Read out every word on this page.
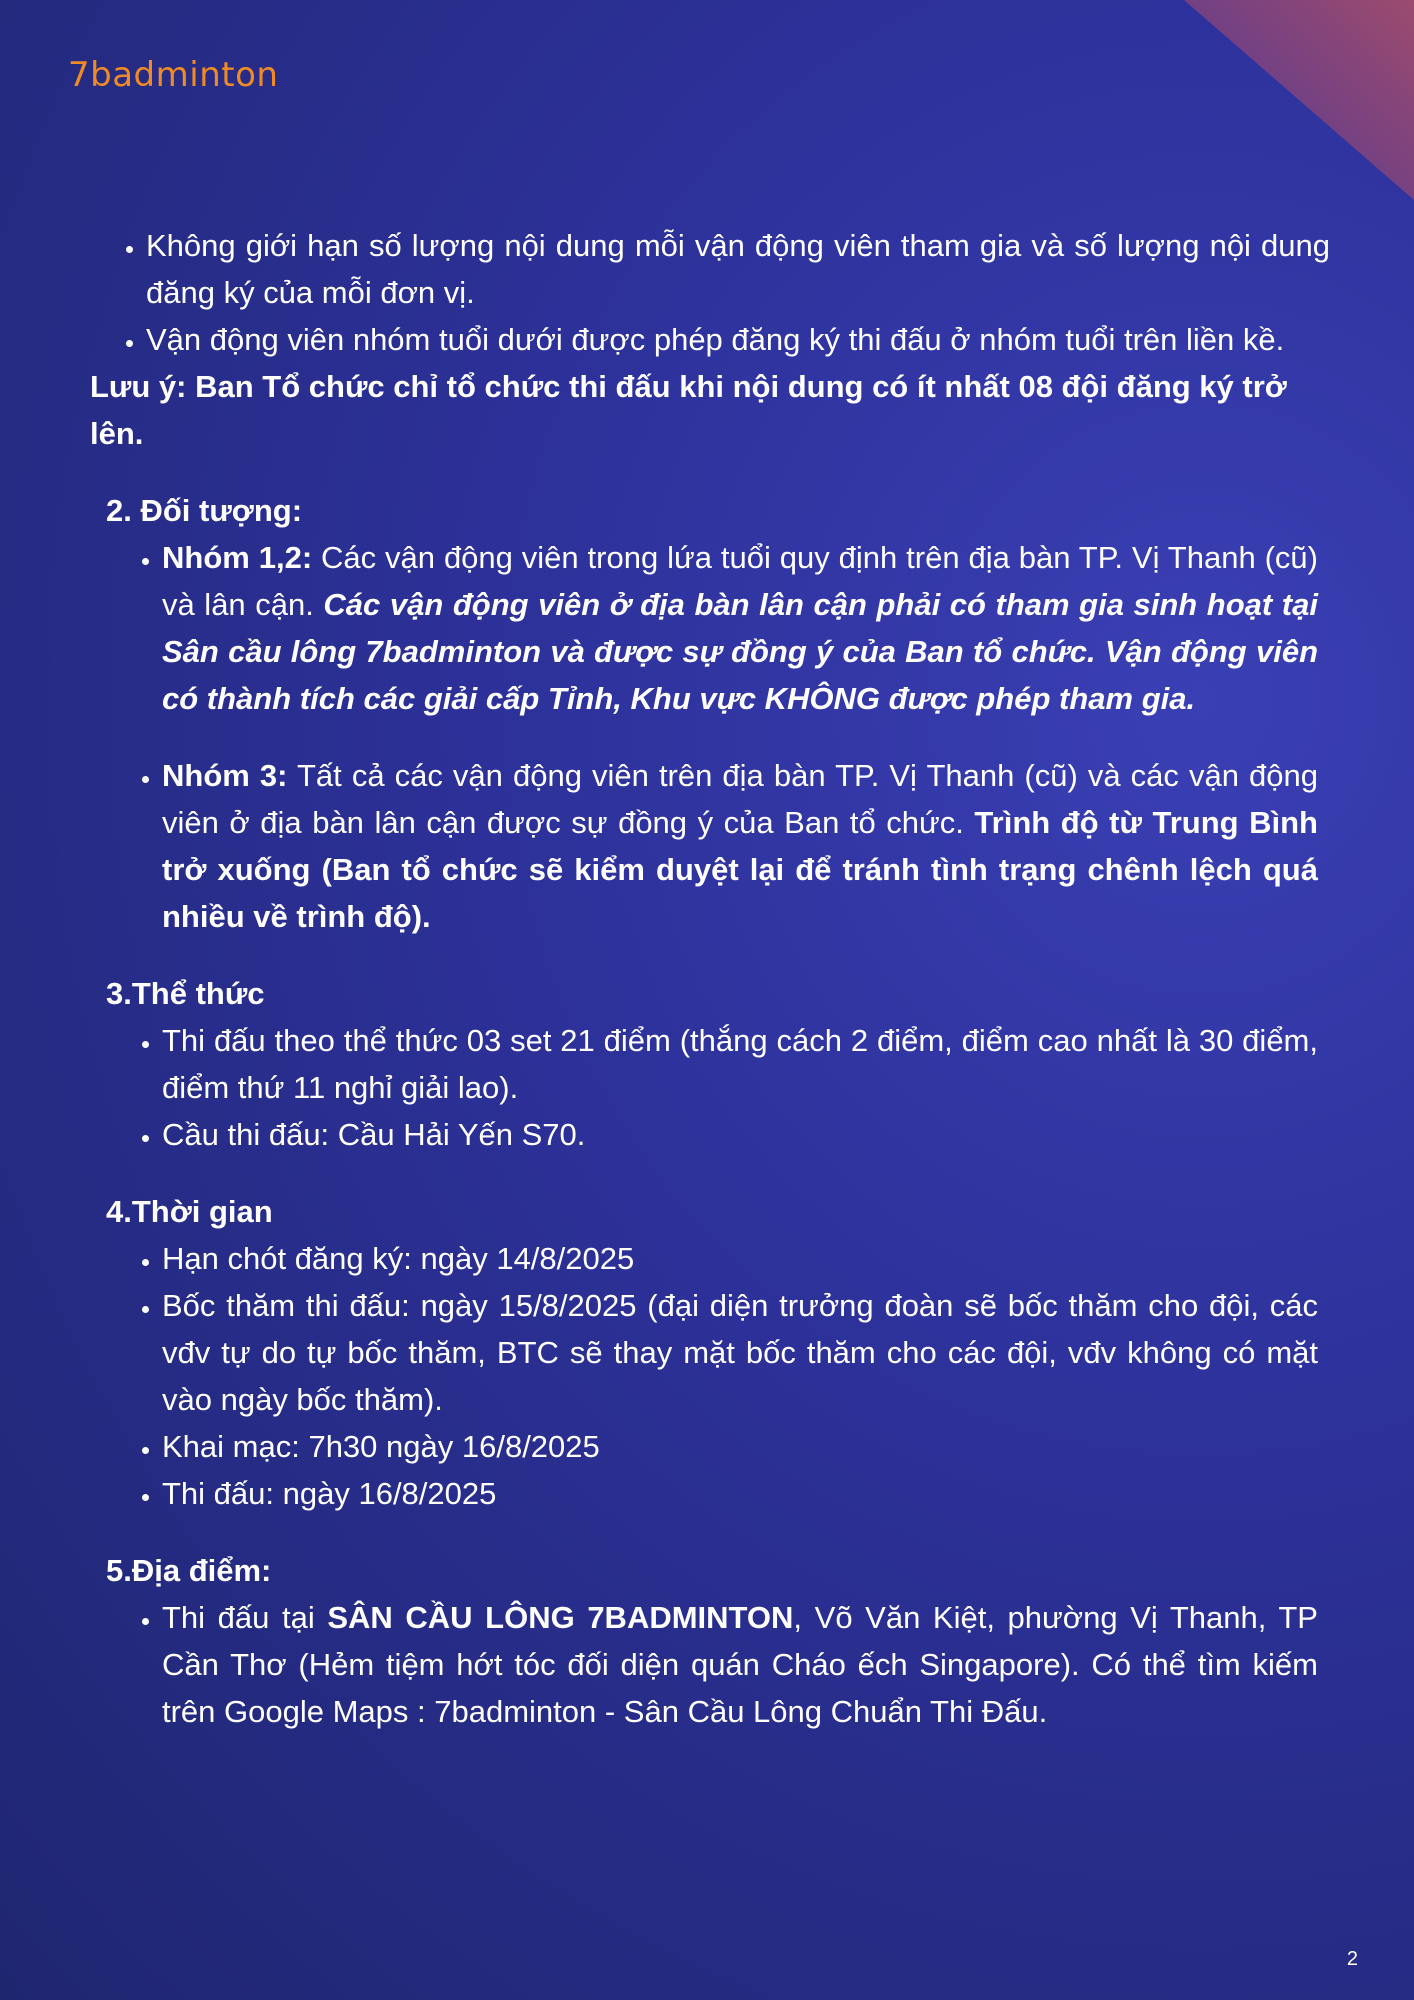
7badminton
• Không giới hạn số lượng nội dung mỗi vận động viên tham gia và số lượng nội dung đăng ký của mỗi đơn vị.
• Vận động viên nhóm tuổi dưới được phép đăng ký thi đấu ở nhóm tuổi trên liền kề.

Lưu ý: Ban Tổ chức chỉ tổ chức thi đấu khi nội dung có ít nhất 08 đội đăng ký trở lên.

2. Đối tượng:
• Nhóm 1,2: Các vận động viên trong lứa tuổi quy định trên địa bàn TP. Vị Thanh (cũ) và lân cận. Các vận động viên ở địa bàn lân cận phải có tham gia sinh hoạt tại Sân cầu lông 7badminton và được sự đồng ý của Ban tổ chức. Vận động viên có thành tích các giải cấp Tỉnh, Khu vực KHÔNG được phép tham gia.
• Nhóm 3: Tất cả các vận động viên trên địa bàn TP. Vị Thanh (cũ) và các vận động viên ở địa bàn lân cận được sự đồng ý của Ban tổ chức. Trình độ từ Trung Bình trở xuống (Ban tổ chức sẽ kiểm duyệt lại để tránh tình trạng chênh lệch quá nhiều về trình độ).
3.Thể thức
• Thi đấu theo thể thức 03 set 21 điểm (thắng cách 2 điểm, điểm cao nhất là 30 điểm, điểm thứ 11 nghỉ giải lao).
• Cầu thi đấu: Cầu Hải Yến S70.
4.Thời gian
• Hạn chót đăng ký: ngày 14/8/2025
• Bốc thăm thi đấu: ngày 15/8/2025 (đại diện trưởng đoàn sẽ bốc thăm cho đội, các vđv tự do tự bốc thăm, BTC sẽ thay mặt bốc thăm cho các đội, vđv không có mặt vào ngày bốc thăm).
• Khai mạc: 7h30 ngày 16/8/2025
• Thi đấu: ngày 16/8/2025
5.Địa điểm:
• Thi đấu tại SÂN CẦU LÔNG 7BADMINTON, Võ Văn Kiệt, phường Vị Thanh, TP Cần Thơ (Hẻm tiệm hớt tóc đối diện quán Cháo ếch Singapore). Có thể tìm kiếm trên Google Maps : 7badminton - Sân Cầu Lông Chuẩn Thi Đấu.
2
